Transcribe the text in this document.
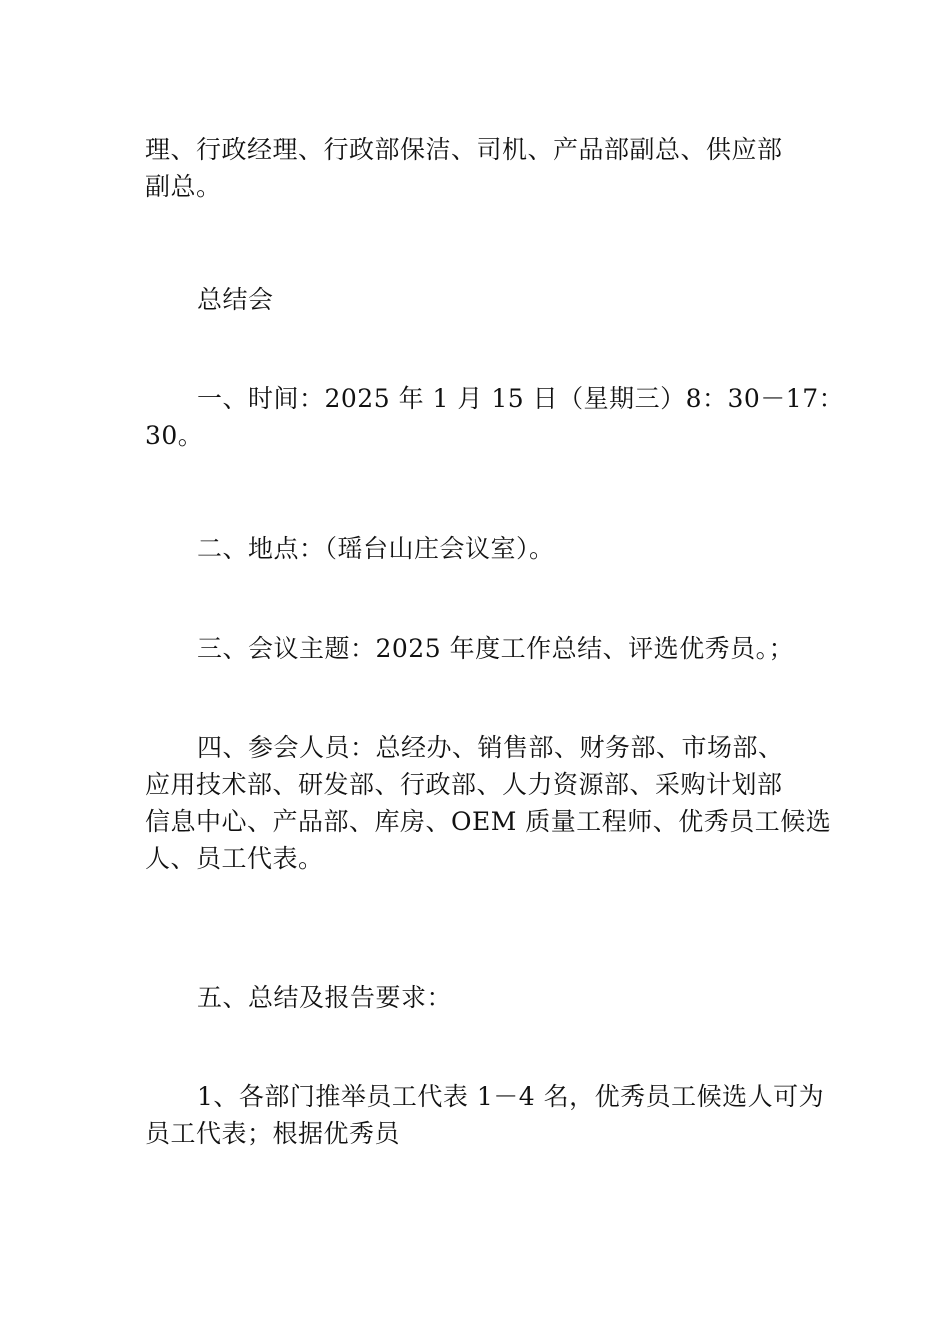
理、行政经理、行政部保洁、司机、产品部副总、供应部
副总。
总结会
一、时间：2025 年 1 月 15 日（星期三）8：30－17：
30。
二、地点：（瑶台山庄会议室）。
三、会议主题：2025 年度工作总结、评选优秀员。；
四、参会人员：总经办、销售部、财务部、市场部、
应用技术部、研发部、行政部、人力资源部、采购计划部
信息中心、产品部、库房、OEM 质量工程师、优秀员工候选
人、员工代表。
五、总结及报告要求：
1、各部门推举员工代表 1－4 名，优秀员工候选人可为
员工代表；根据优秀员
